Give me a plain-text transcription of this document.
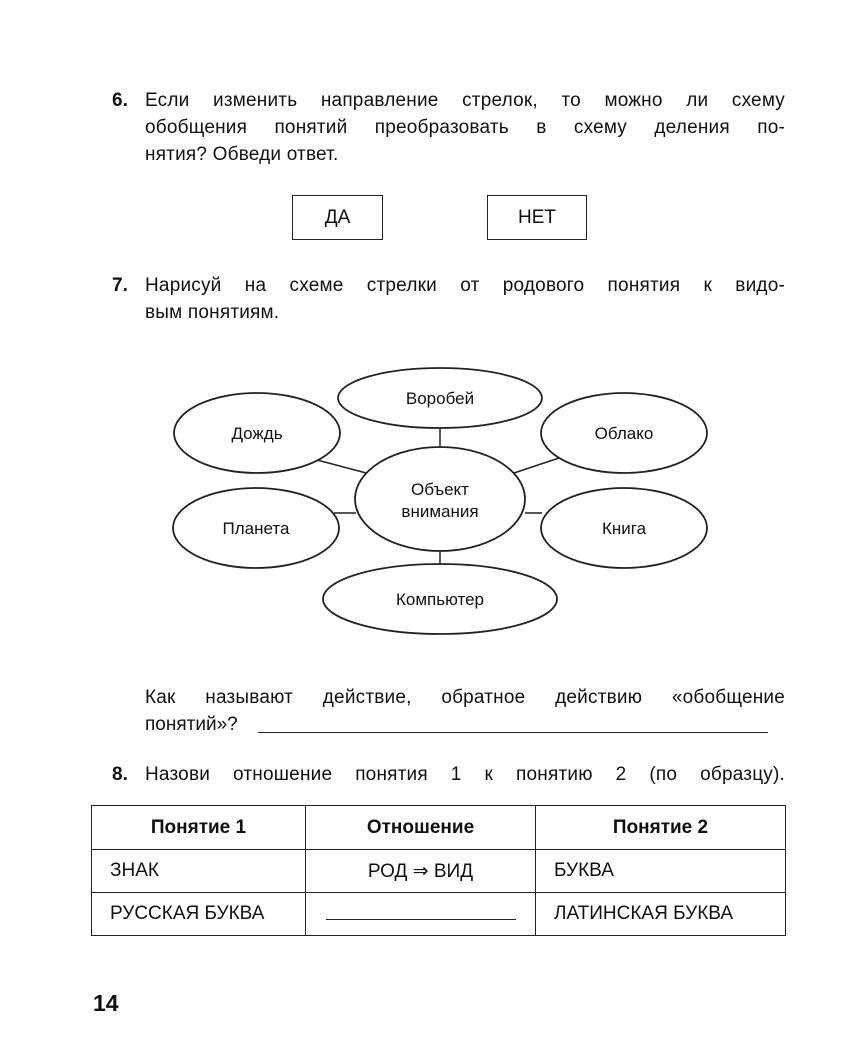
6. Если изменить направление стрелок, то можно ли схему
обобщения понятий преобразовать в схему деления по-
нятия? Обведи ответ.
ДА	НЕТ
7. Нарисуй на схеме стрелки от родового понятия к видо-
вым понятиям.
Объект
внимания
Воробей
Дождь	Облако
Планета	Книга
Компьютер
Как называют действие, обратное действию «обобщение
понятий»?
8. Назови отношение понятия 1 к понятию 2 (по образцу).
Понятие 1	Отношение	Понятие 2
ЗНАК	РОД ⇒ ВИД	БУКВА
РУССКАЯ БУКВА		ЛАТИНСКАЯ БУКВА
14
